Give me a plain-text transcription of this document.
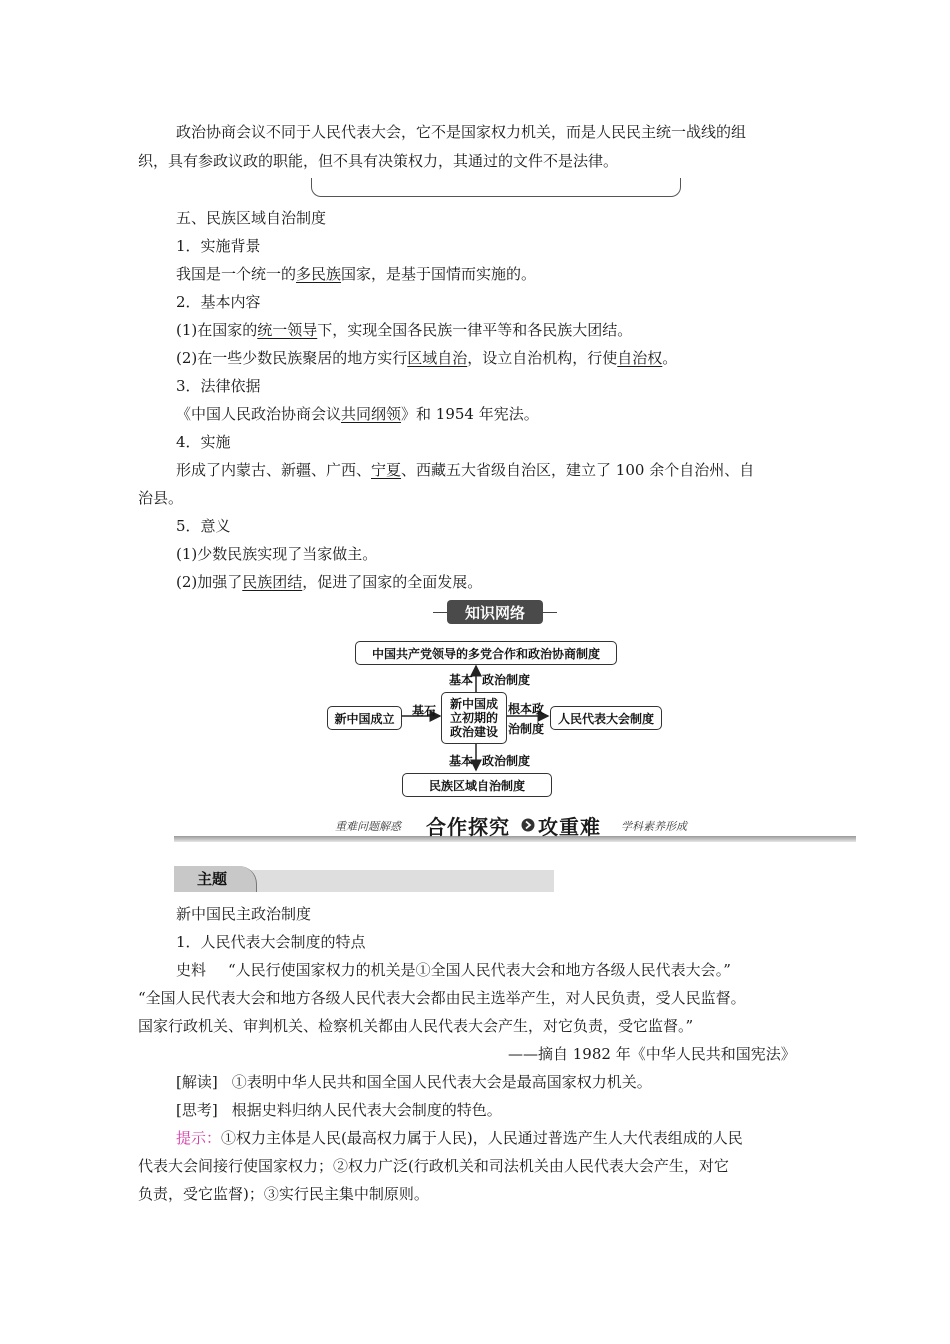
政治协商会议不同于人民代表大会，它不是国家权力机关，而是人民民主统一战线的组
织，具有参政议政的职能，但不具有决策权力，其通过的文件不是法律。
五、民族区域自治制度
1．实施背景
我国是一个统一的多民族国家，是基于国情而实施的。
2．基本内容
(1)在国家的统一领导下，实现全国各民族一律平等和各民族大团结。
(2)在一些少数民族聚居的地方实行区域自治，设立自治机构，行使自治权。
3．法律依据
《中国人民政治协商会议共同纲领》和 1954 年宪法。
4．实施
形成了内蒙古、新疆、广西、宁夏、西藏五大省级自治区，建立了 100 余个自治州、自
治县。
5．意义
(1)少数民族实现了当家做主。
(2)加强了民族团结，促进了国家的全面发展。
知识网络
中国共产党领导的多党合作和政治协商制度
新中国成立
新中国成
立初期的
政治建设
人民代表大会制度
民族区域自治制度
基本 政治制度
基石	根本政
治制度
基本 政治制度
重难问题解惑 合作探究 攻重难 学科素养形成
主题
新中国民主政治制度
1．人民代表大会制度的特点
史料 “人民行使国家权力的机关是①全国人民代表大会和地方各级人民代表大会。”
“全国人民代表大会和地方各级人民代表大会都由民主选举产生，对人民负责，受人民监督。
国家行政机关、审判机关、检察机关都由人民代表大会产生，对它负责，受它监督。”
——摘自 1982 年《中华人民共和国宪法》
[解读] ①表明中华人民共和国全国人民代表大会是最高国家权力机关。
[思考] 根据史料归纳人民代表大会制度的特色。
提示：①权力主体是人民(最高权力属于人民)，人民通过普选产生人大代表组成的人民
代表大会间接行使国家权力；②权力广泛(行政机关和司法机关由人民代表大会产生，对它
负责，受它监督)；③实行民主集中制原则。
